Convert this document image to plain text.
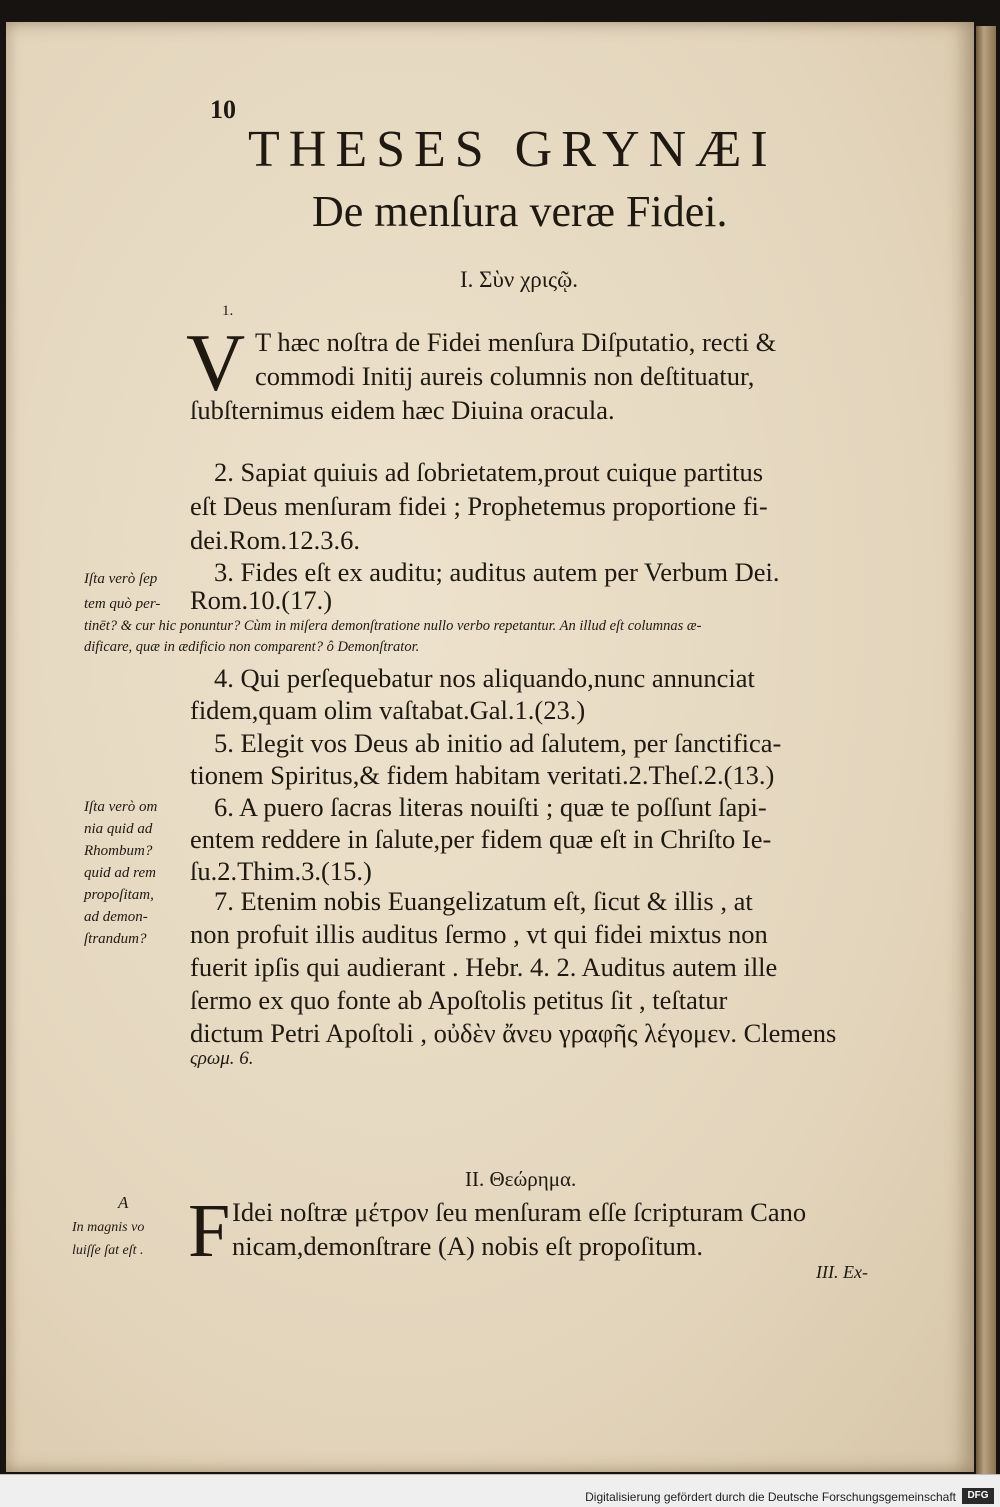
10
THESES GRYNÆI
De menſura veræ Fidei.
I. Σὺν χριςῷ.
1.
V T hæc noſtra de Fidei menſura Diſputatio, recti &
commodi Initij aureis columnis non deſtituatur,
ſubſternimus eidem hæc Diuina oracula.
2. Sapiat quiuis ad ſobrietatem,prout cuique partitus
eſt Deus menſuram fidei ; Prophetemus proportione fi-
dei.Rom.12.3.6.
3. Fides eſt ex auditu; auditus autem per Verbum Dei.
Rom.10.(17.)
Iſta verò ſep
tem quò per-
tinēt? & cur hic ponuntur? Cùm in miſera demonſtratione nullo verbo repetantur. An illud eſt columnas æ-
dificare, quæ in ædificio non comparent? ô Demonſtrator.
4. Qui perſequebatur nos aliquando,nunc annunciat
fidem,quam olim vaſtabat.Gal.1.(23.)
5. Elegit vos Deus ab initio ad ſalutem, per ſanctifica-
tionem Spiritus,& fidem habitam veritati.2.Theſ.2.(13.)
6. A puero ſacras literas nouiſti ; quæ te poſſunt ſapi-
entem reddere in ſalute,per fidem quæ eſt in Chriſto Ie-
ſu.2.Thim.3.(15.)
Iſta verò om
nia quid ad
Rhombum?
quid ad rem
propoſitam,
ad demon-
ſtrandum?
7. Etenim nobis Euangelizatum eſt, ſicut & illis , at
non profuit illis auditus ſermo , vt qui fidei mixtus non
fuerit ipſis qui audierant . Hebr. 4. 2. Auditus autem ille
ſermo ex quo fonte ab Apoſtolis petitus ſit , teſtatur
dictum Petri Apoſtoli , οὐδὲν ἄνευ γραφῆς λέγομεν. Clemens
ςρωμ. 6.
II. Θεώρημα.
F Idei noſtræ μέτρον ſeu menſuram eſſe ſcripturam Cano
nicam,demonſtrare (A) nobis eſt propoſitum.
A
In magnis vo
luiſſe ſat eſt .
III. Ex-
Digitalisierung gefördert durch die Deutsche Forschungsgemeinschaft	DFG
